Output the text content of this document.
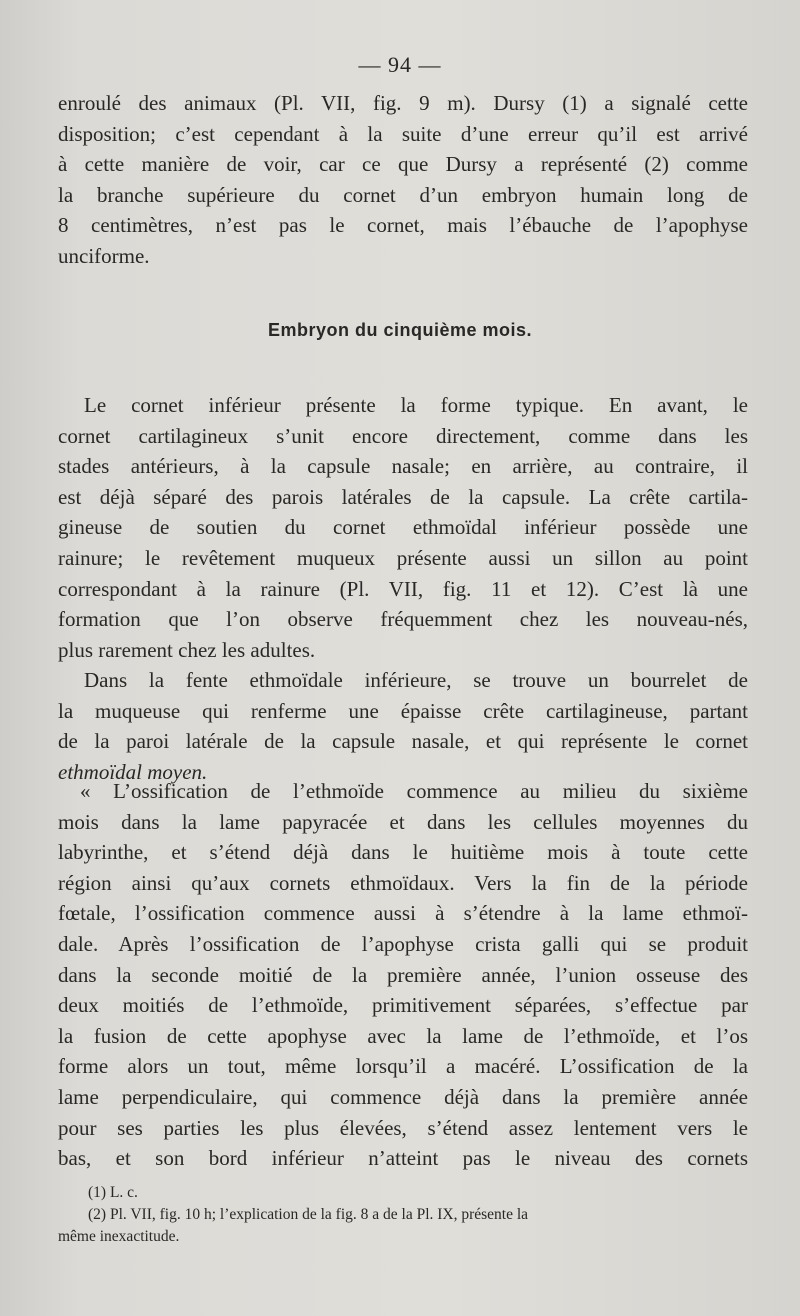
— 94 —
enroulé des animaux (Pl. VII, fig. 9 m). Dursy (1) a signalé cette
disposition; c’est cependant à la suite d’une erreur qu’il est arrivé
à cette manière de voir, car ce que Dursy a représenté (2) comme
la branche supérieure du cornet d’un embryon humain long de
8 centimètres, n’est pas le cornet, mais l’ébauche de l’apophyse
unciforme.
Embryon du cinquième mois.
Le cornet inférieur présente la forme typique. En avant, le
cornet cartilagineux s’unit encore directement, comme dans les
stades antérieurs, à la capsule nasale; en arrière, au contraire, il
est déjà séparé des parois latérales de la capsule. La crête cartila-
gineuse de soutien du cornet ethmoïdal inférieur possède une
rainure; le revêtement muqueux présente aussi un sillon au point
correspondant à la rainure (Pl. VII, fig. 11 et 12). C’est là une
formation que l’on observe fréquemment chez les nouveau-nés,
plus rarement chez les adultes.
Dans la fente ethmoïdale inférieure, se trouve un bourrelet de
la muqueuse qui renferme une épaisse crête cartilagineuse, partant
de la paroi latérale de la capsule nasale, et qui représente le cornet
ethmoïdal moyen.
« L’ossification de l’ethmoïde commence au milieu du sixième
mois dans la lame papyracée et dans les cellules moyennes du
labyrinthe, et s’étend déjà dans le huitième mois à toute cette
région ainsi qu’aux cornets ethmoïdaux. Vers la fin de la période
fœtale, l’ossification commence aussi à s’étendre à la lame ethmoï-
dale. Après l’ossification de l’apophyse crista galli qui se produit
dans la seconde moitié de la première année, l’union osseuse des
deux moitiés de l’ethmoïde, primitivement séparées, s’effectue par
la fusion de cette apophyse avec la lame de l’ethmoïde, et l’os
forme alors un tout, même lorsqu’il a macéré. L’ossification de la
lame perpendiculaire, qui commence déjà dans la première année
pour ses parties les plus élevées, s’étend assez lentement vers le
bas, et son bord inférieur n’atteint pas le niveau des cornets
(1) L. c.
(2) Pl. VII, fig. 10 h; l’explication de la fig. 8 a de la Pl. IX, présente la
même inexactitude.
